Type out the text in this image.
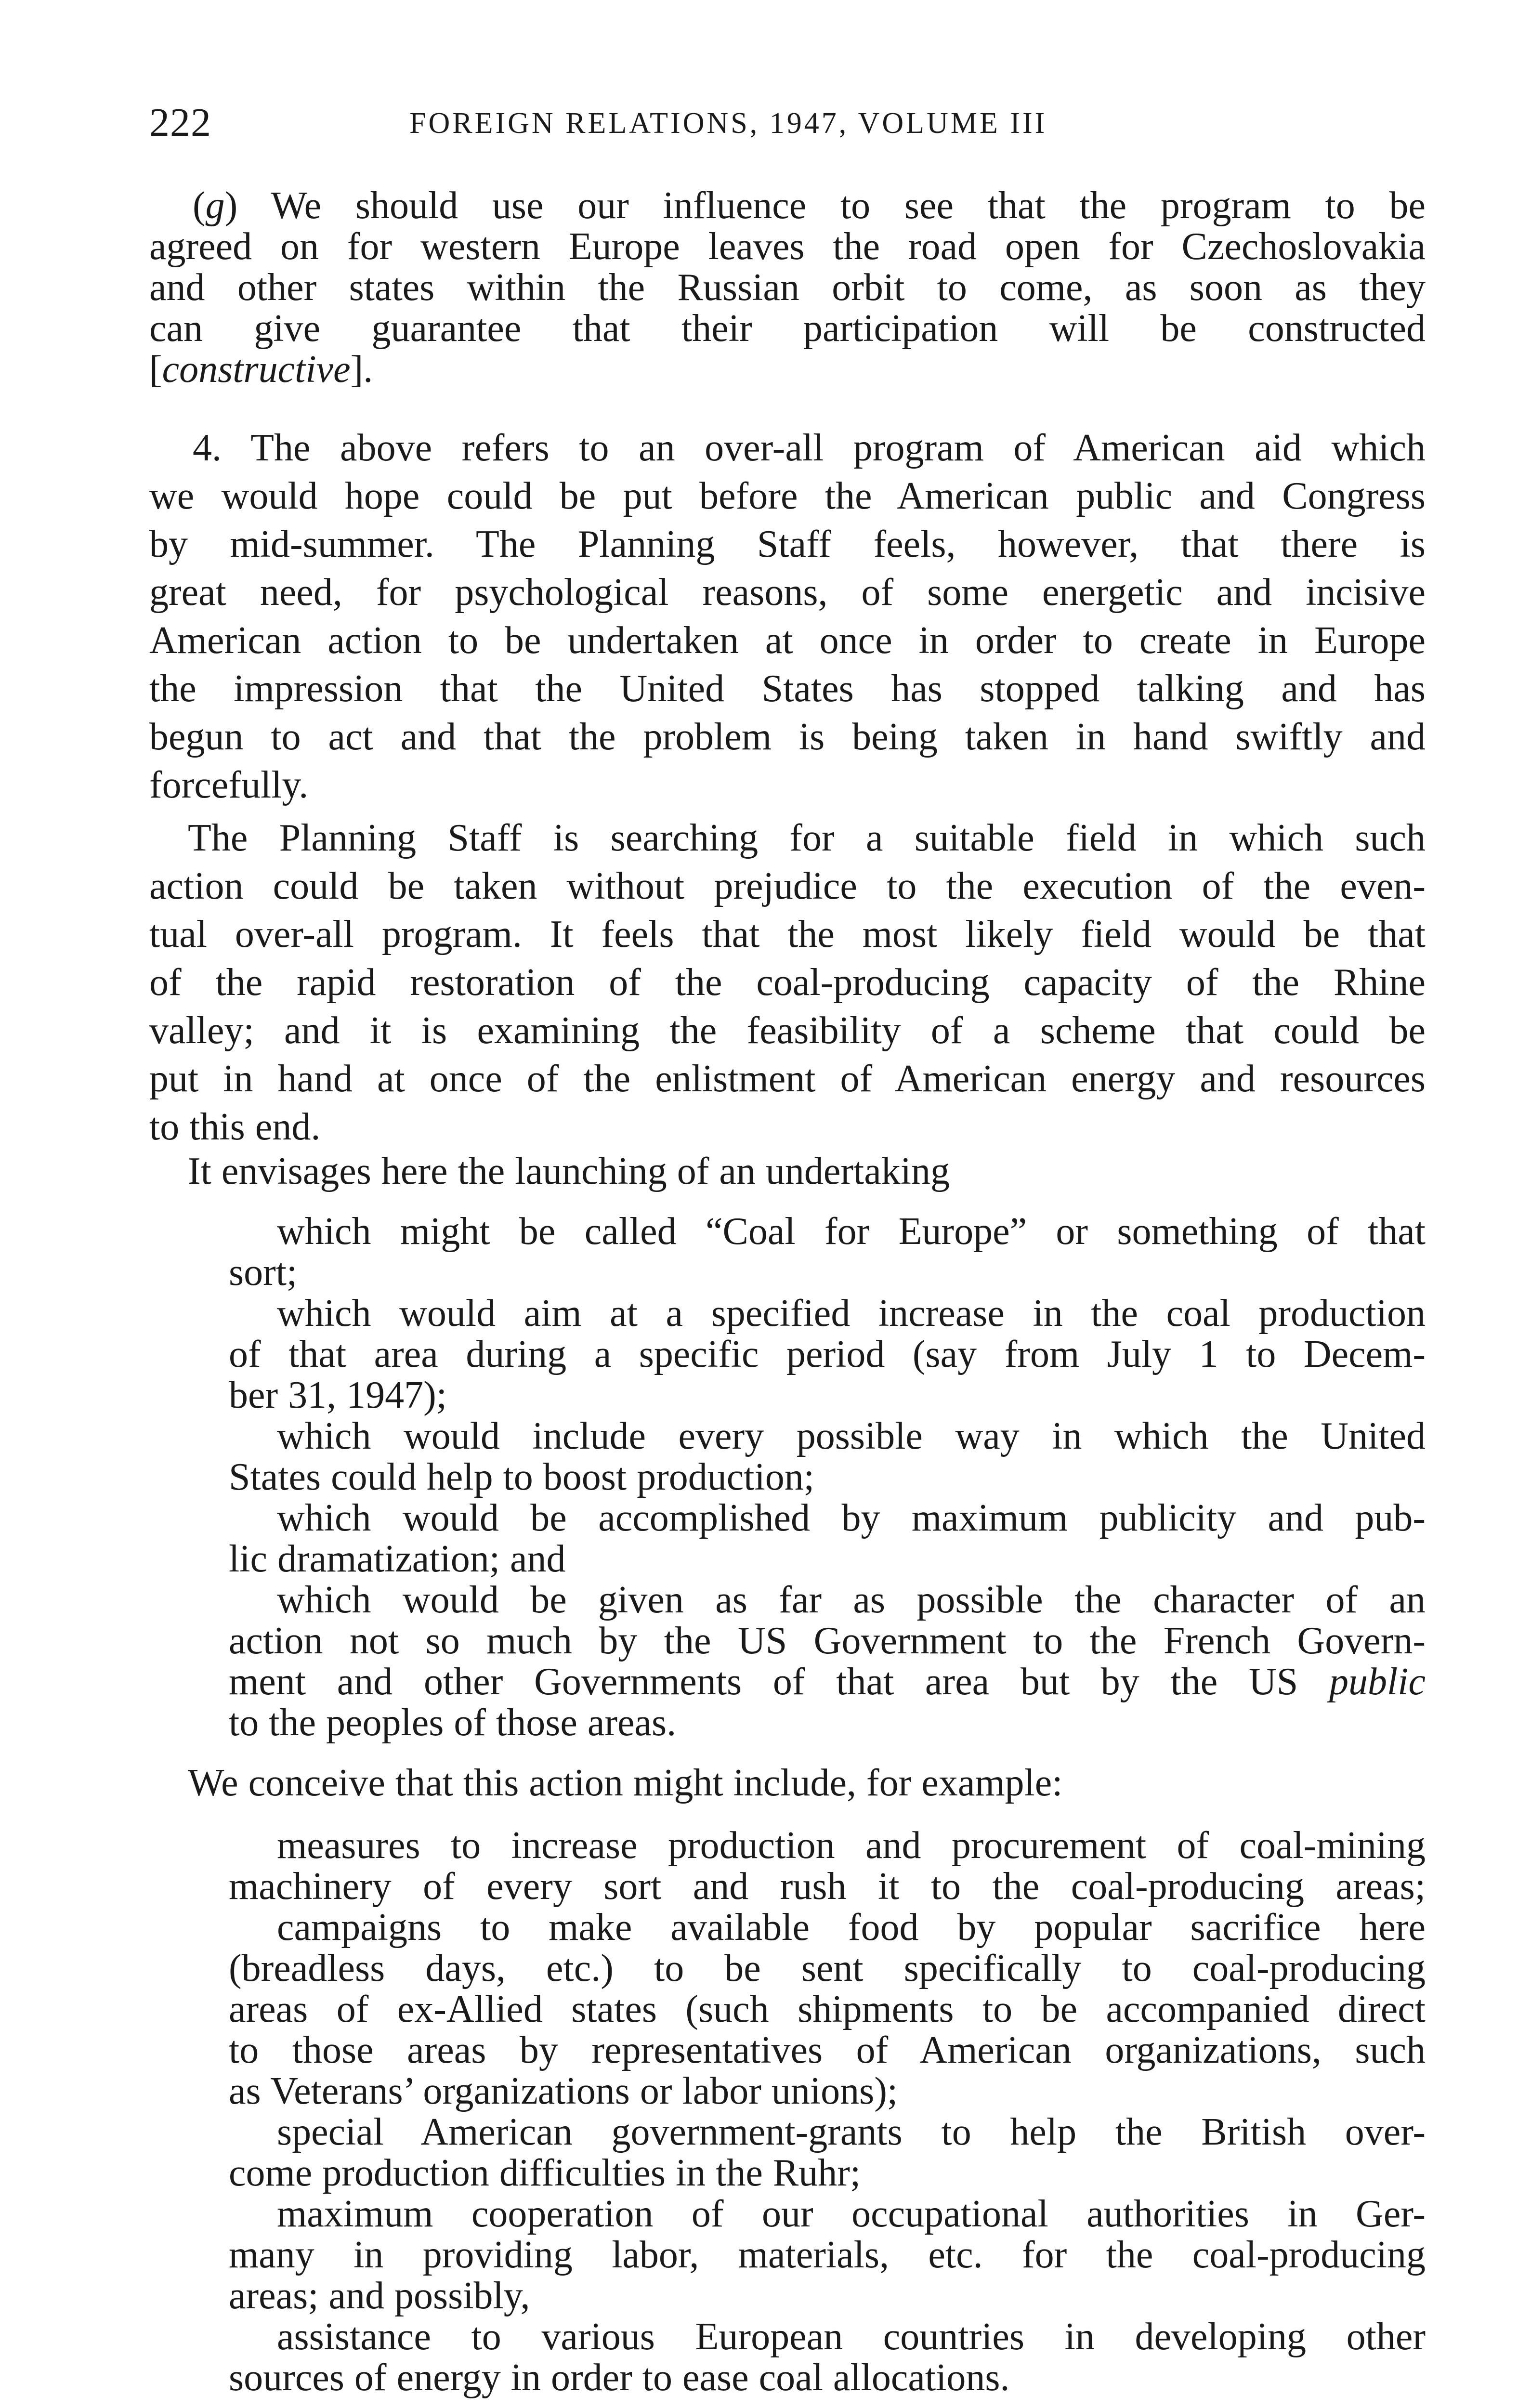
222	FOREIGN RELATIONS, 1947, VOLUME III
(g) We should use our influence to see that the program to be
agreed on for western Europe leaves the road open for Czechoslovakia
and other states within the Russian orbit to come, as soon as they
can give guarantee that their participation will be constructed
[constructive].
4. The above refers to an over-all program of American aid which
we would hope could be put before the American public and Congress
by mid-summer. The Planning Staff feels, however, that there is
great need, for psychological reasons, of some energetic and incisive
American action to be undertaken at once in order to create in Europe
the impression that the United States has stopped talking and has
begun to act and that the problem is being taken in hand swiftly and
forcefully.
The Planning Staff is searching for a suitable field in which such
action could be taken without prejudice to the execution of the even-
tual over-all program. It feels that the most likely field would be that
of the rapid restoration of the coal-producing capacity of the Rhine
valley; and it is examining the feasibility of a scheme that could be
put in hand at once of the enlistment of American energy and resources
to this end.
It envisages here the launching of an undertaking
which might be called “Coal for Europe” or something of that
sort;
which would aim at a specified increase in the coal production
of that area during a specific period (say from July 1 to Decem-
ber 31, 1947);
which would include every possible way in which the United
States could help to boost production;
which would be accomplished by maximum publicity and pub-
lic dramatization; and
which would be given as far as possible the character of an
action not so much by the US Government to the French Govern-
ment and other Governments of that area but by the US public
to the peoples of those areas.
We conceive that this action might include, for example:
measures to increase production and procurement of coal-mining
machinery of every sort and rush it to the coal-producing areas;
campaigns to make available food by popular sacrifice here
(breadless days, etc.) to be sent specifically to coal-producing
areas of ex-Allied states (such shipments to be accompanied direct
to those areas by representatives of American organizations, such
as Veterans’ organizations or labor unions);
special American government-grants to help the British over-
come production difficulties in the Ruhr;
maximum cooperation of our occupational authorities in Ger-
many in providing labor, materials, etc. for the coal-producing
areas; and possibly,
assistance to various European countries in developing other
sources of energy in order to ease coal allocations.
